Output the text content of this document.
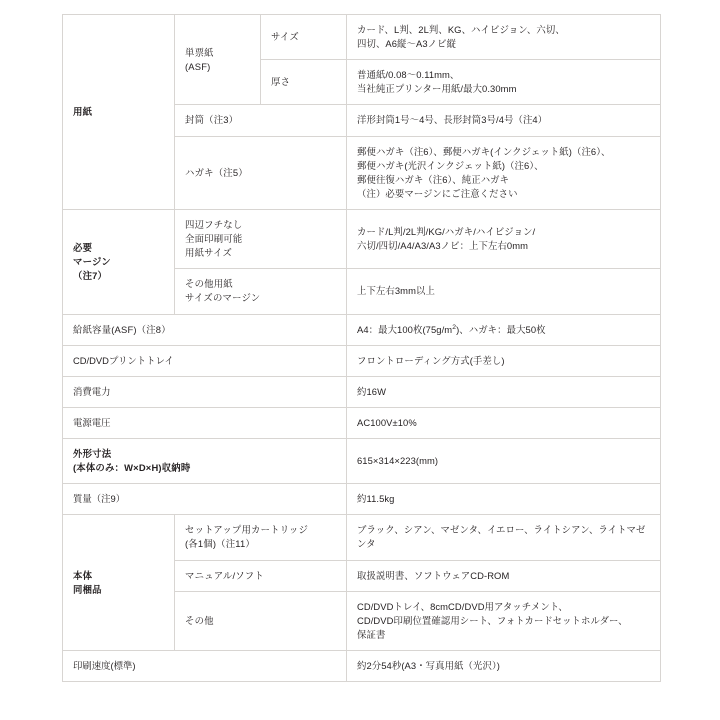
用紙	単票紙
(ASF)	サイズ	カード、L判、2L判、KG、ハイビジョン、六切、
四切、A6縦～A3ノビ縦

		厚さ	普通紙/0.08～0.11mm、
当社純正プリンター用紙/最大0.30mm

	封筒（注3）		洋形封筒1号～4号、長形封筒3号/4号（注4）

	ハガキ（注5）		郵便ハガキ（注6）、郵便ハガキ(インクジェット紙)（注6）、
郵便ハガキ(光沢インクジェット紙)（注6）、
郵便往復ハガキ（注6）、純正ハガキ
（注）必要マージンにご注意ください

必要
マージン
（注7）	四辺フチなし
全面印刷可能
用紙サイズ		カード/L判/2L判/KG/ハガキ/ハイビジョン/
六切/四切/A4/A3/A3ノビ：上下左右0mm

	その他用紙
サイズのマージン		上下左右3mm以上

給紙容量(ASF)（注8）			A4：最大100枚$(75g/m^2)$、ハガキ：最大50枚

CD/DVDプリントトレイ			フロントローディング方式(手差し)

消費電力			約16W

電源電圧			AC100V±10%

外形寸法
(本体のみ：W×D×H)収納時			615×314×223(mm)

質量（注9）			約11.5kg

本体
同梱品	セットアップ用カートリッジ
(各1個)（注11）		ブラック、シアン、マゼンタ、イエロー、ライトシアン、ライトマゼンタ

	マニュアル/ソフト		取扱説明書、ソフトウェアCD-ROM

	その他		CD/DVDトレイ、8cmCD/DVD用アタッチメント、
CD/DVD印刷位置確認用シート、フォトカードセットホルダー、
保証書

印刷速度(標準)			約2分54秒(A3・写真用紙（光沢）)
